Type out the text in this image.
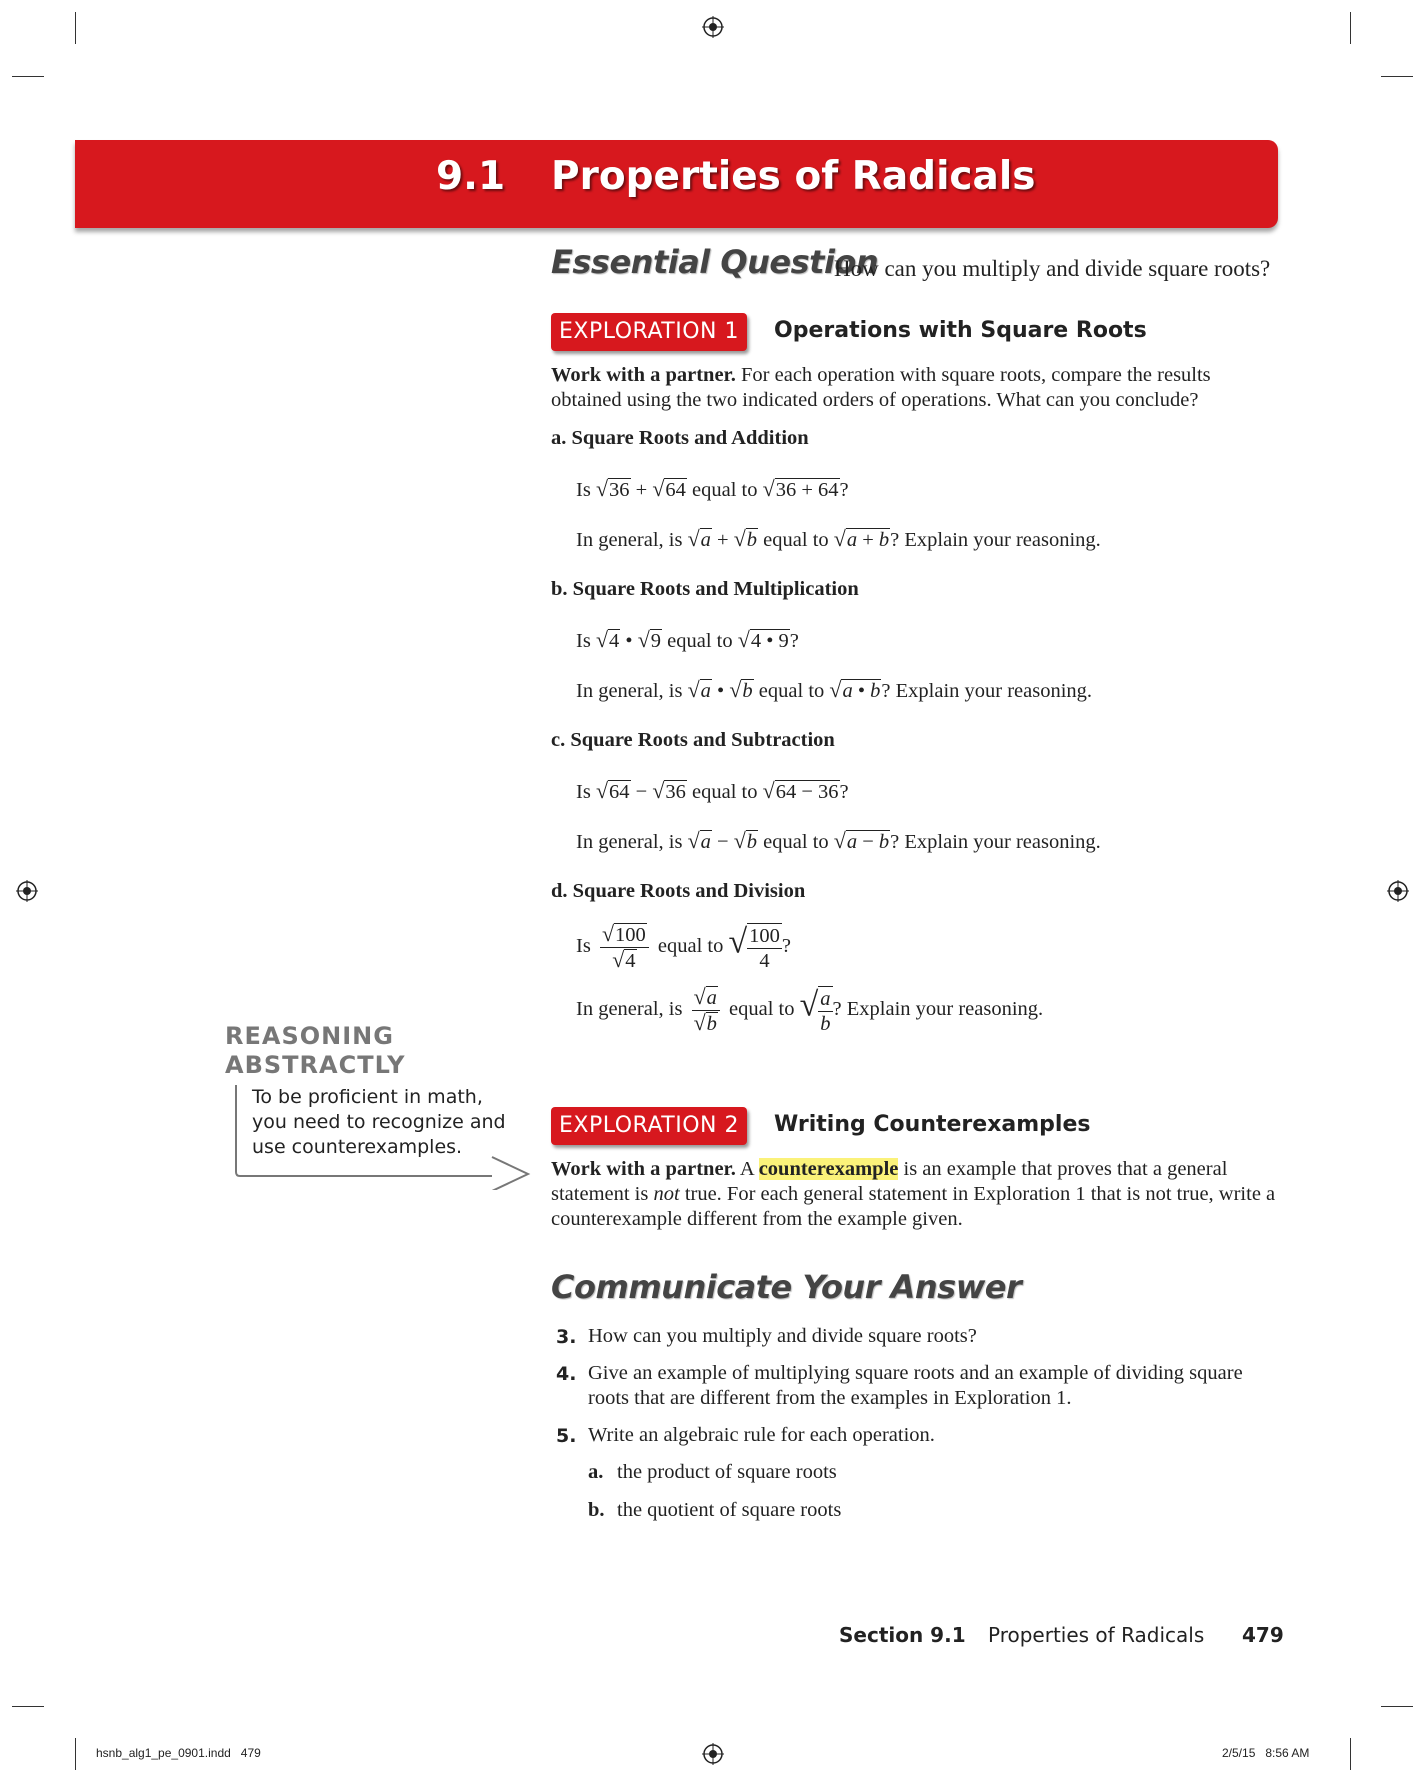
9.1 Properties of Radicals
Essential Question
How can you multiply and divide square roots?
EXPLORATION 1	Operations with Square Roots
Work with a partner. For each operation with square roots, compare the results obtained using the two indicated orders of operations. What can you conclude?
a. Square Roots and Addition
Is √36 + √64 equal to √36 + 64?
In general, is √a + √b equal to √a + b? Explain your reasoning.
b. Square Roots and Multiplication
Is √4 • √9 equal to √4 • 9?
In general, is √a • √b equal to √a • b? Explain your reasoning.
c. Square Roots and Subtraction
Is √64 − √36 equal to √64 − 36?
In general, is √a − √b equal to √a − b? Explain your reasoning.
d. Square Roots and Division
Is $\frac{√100}{√4}$ equal to √ $\frac{100}{4}$ ?
In general, is $\frac{√a}{√b}$ equal to √ $\frac{a}{b}$ ? Explain your reasoning.
REASONING
ABSTRACTLY
To be proficient in math, you need to recognize and use counterexamples.
EXPLORATION 2	Writing Counterexamples
Work with a partner. A counterexample is an example that proves that a general statement is not true. For each general statement in Exploration 1 that is not true, write a counterexample different from the example given.
Communicate Your Answer
3. How can you multiply and divide square roots?
4. Give an example of multiplying square roots and an example of dividing square roots that are different from the examples in Exploration 1.
5. Write an algebraic rule for each operation.
a. the product of square roots
b. the quotient of square roots
Section 9.1 Properties of Radicals 479
hsnb_alg1_pe_0901.indd   479	2/5/15   8:56 AM
